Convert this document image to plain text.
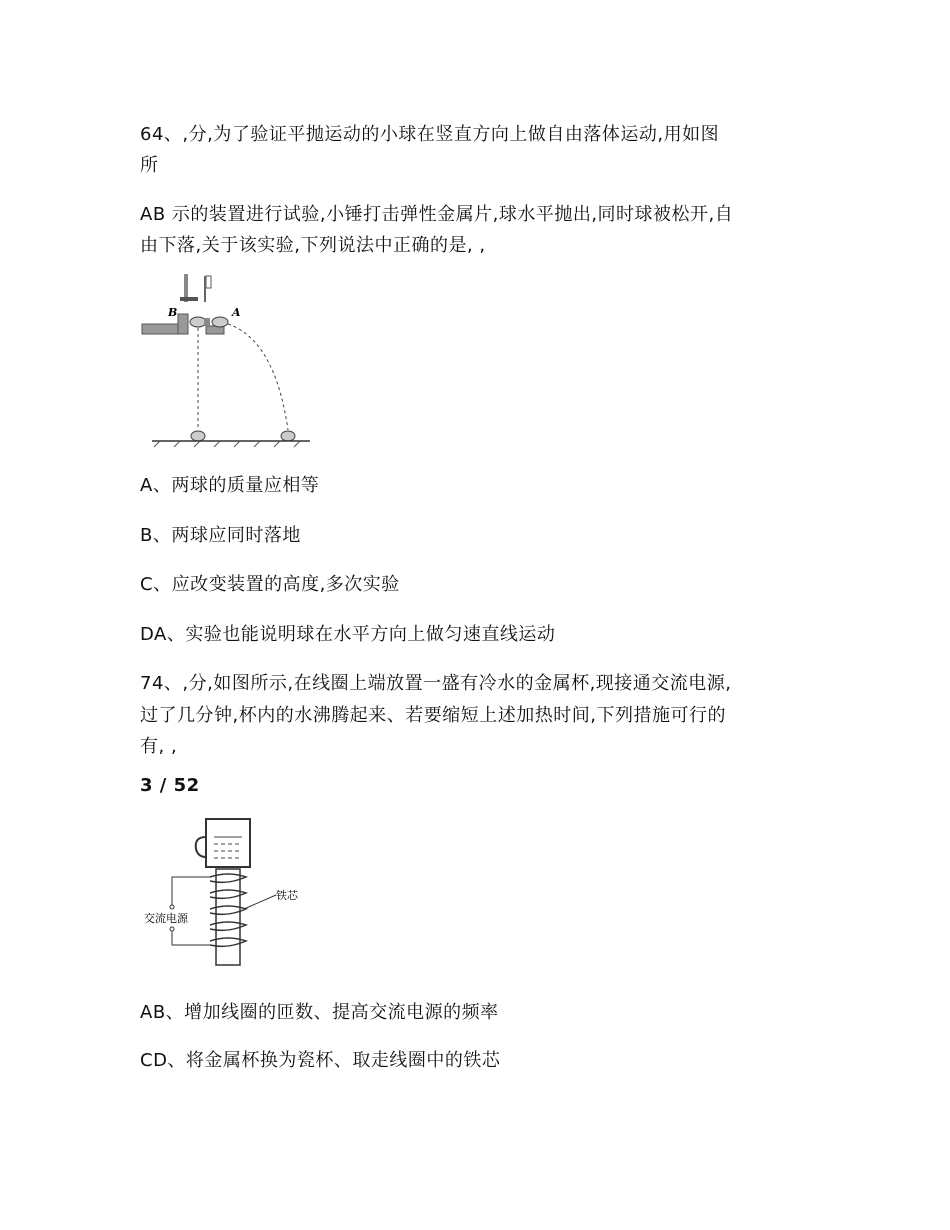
64、,分,为了验证平抛运动的小球在竖直方向上做自由落体运动,用如图
所
AB 示的装置进行试验,小锤打击弹性金属片,球水平抛出,同时球被松开,自
由下落,关于该实验,下列说法中正确的是, ,
B	A
A、两球的质量应相等
B、两球应同时落地
C、应改变装置的高度,多次实验
DA、实验也能说明球在水平方向上做匀速直线运动
74、,分,如图所示,在线圈上端放置一盛有冷水的金属杯,现接通交流电源,
过了几分钟,杯内的水沸腾起来、若要缩短上述加热时间,下列措施可行的
有, ,
3 / 52
交流电源
铁芯
AB、增加线圈的匝数、提高交流电源的频率
CD、将金属杯换为瓷杯、取走线圈中的铁芯
